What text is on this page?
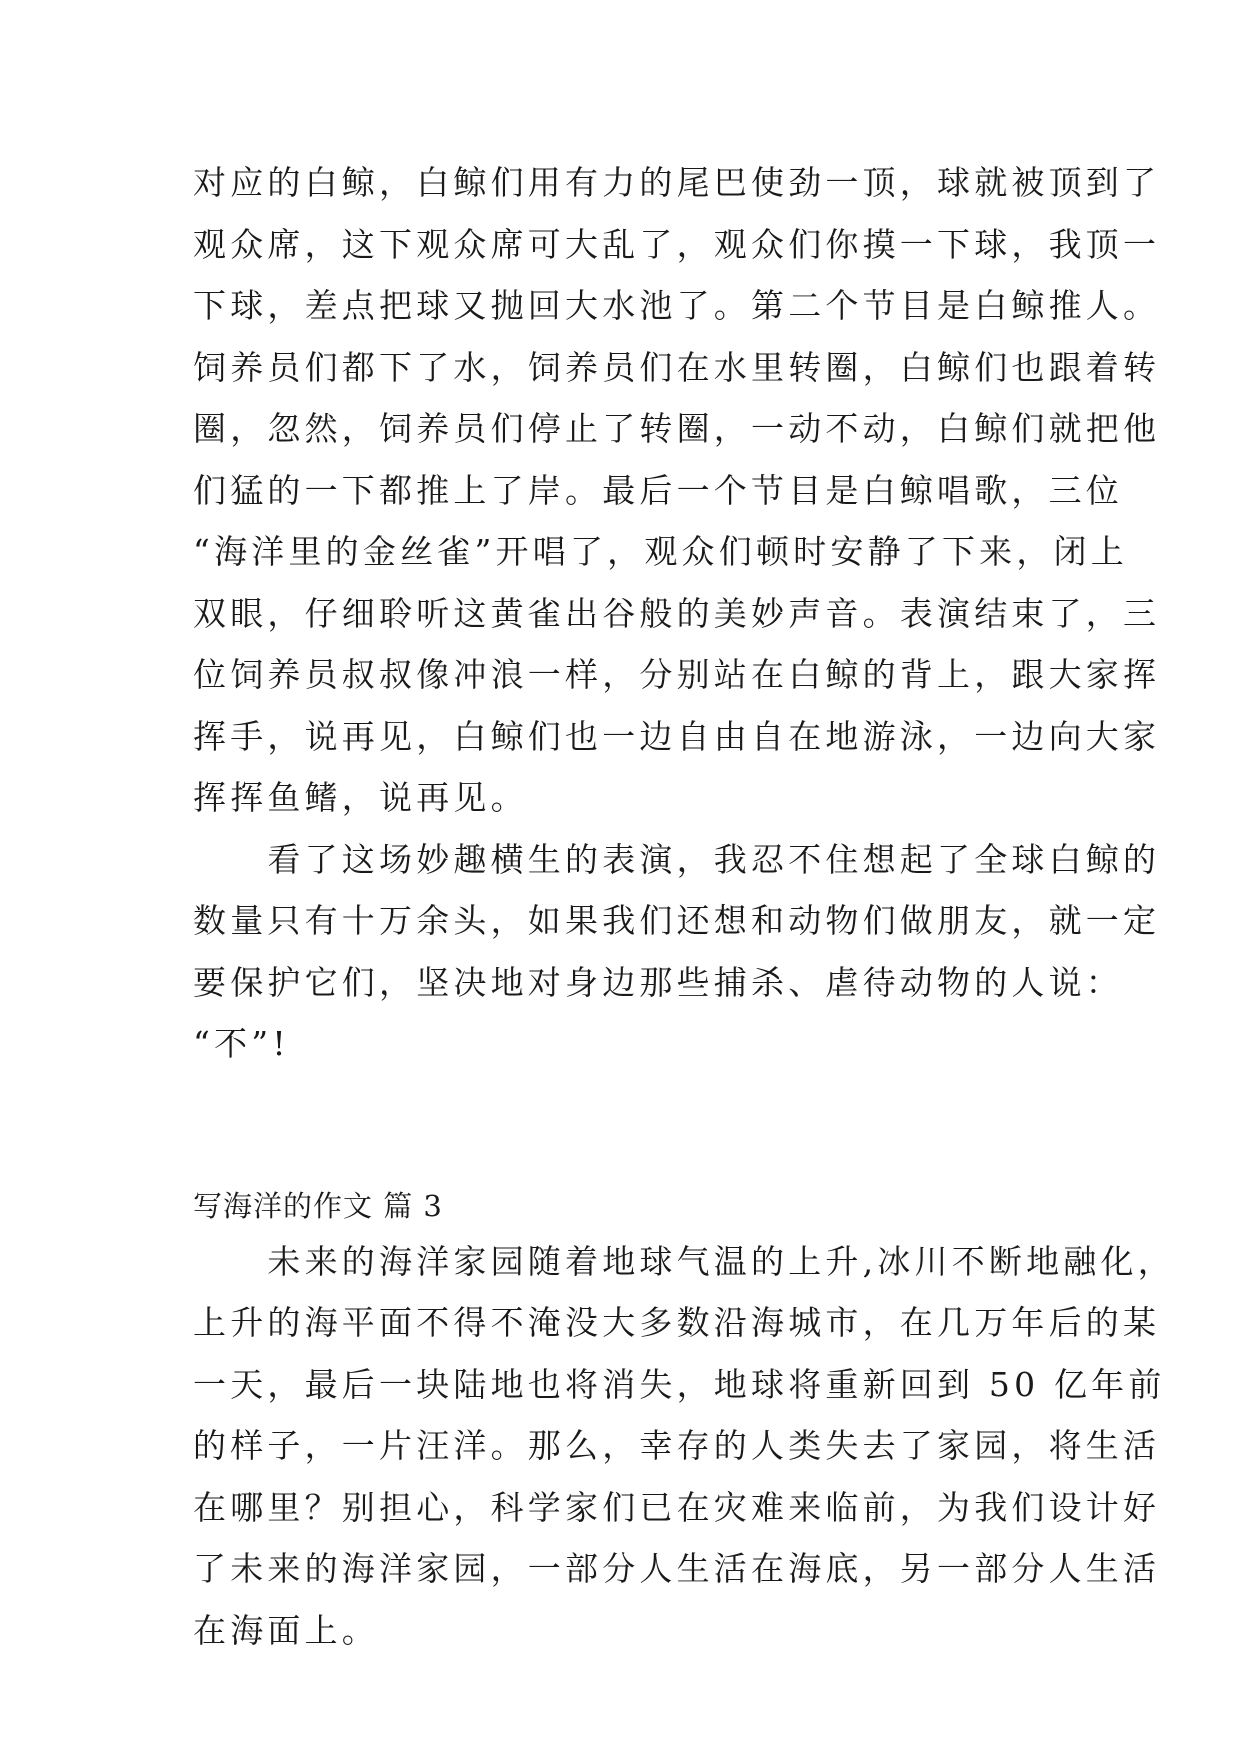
对应的白鲸，白鲸们用有力的尾巴使劲一顶，球就被顶到了
观众席，这下观众席可大乱了，观众们你摸一下球，我顶一
下球，差点把球又抛回大水池了。第二个节目是白鲸推人。
饲养员们都下了水，饲养员们在水里转圈，白鲸们也跟着转
圈，忽然，饲养员们停止了转圈，一动不动，白鲸们就把他
们猛的一下都推上了岸。最后一个节目是白鲸唱歌，三位
“海洋里的金丝雀”开唱了，观众们顿时安静了下来，闭上
双眼，仔细聆听这黄雀出谷般的美妙声音。表演结束了，三
位饲养员叔叔像冲浪一样，分别站在白鲸的背上，跟大家挥
挥手，说再见，白鲸们也一边自由自在地游泳，一边向大家
挥挥鱼鳍，说再见。
　　看了这场妙趣横生的表演，我忍不住想起了全球白鲸的
数量只有十万余头，如果我们还想和动物们做朋友，就一定
要保护它们，坚决地对身边那些捕杀、虐待动物的人说：
“不”!
写海洋的作文 篇 3
　　未来的海洋家园随着地球气温的上升,冰川不断地融化，
上升的海平面不得不淹没大多数沿海城市，在几万年后的某
一天，最后一块陆地也将消失，地球将重新回到 50 亿年前
的样子，一片汪洋。那么，幸存的人类失去了家园，将生活
在哪里？别担心，科学家们已在灾难来临前，为我们设计好
了未来的海洋家园，一部分人生活在海底，另一部分人生活
在海面上。
